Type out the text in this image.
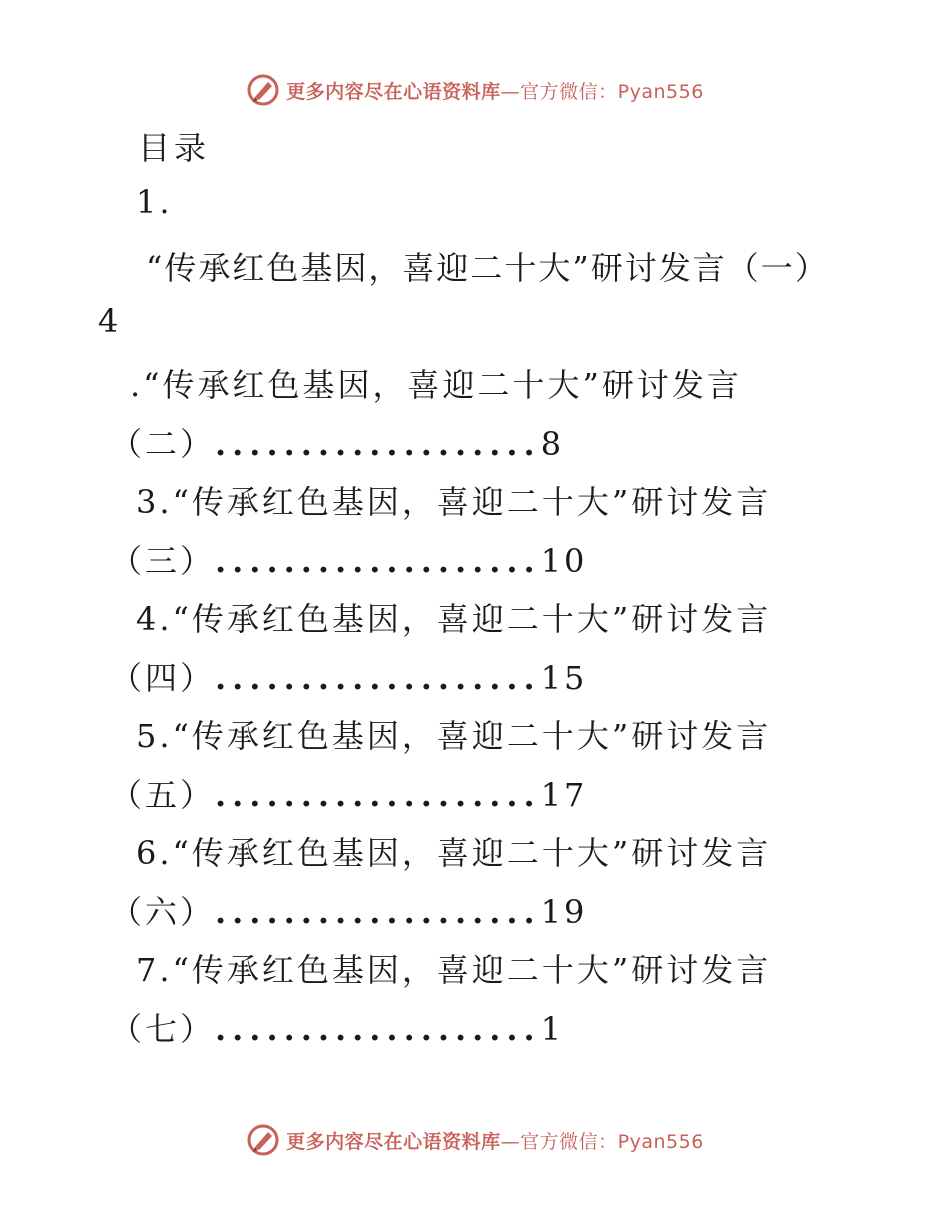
更多内容尽在心语资料库—官方微信：Pyan556
目录
1.
“传承红色基因，喜迎二十大”研讨发言（一）
4
.“传承红色基因，喜迎二十大”研讨发言
（二）...................8
3.“传承红色基因，喜迎二十大”研讨发言
（三）...................10
4.“传承红色基因，喜迎二十大”研讨发言
（四）...................15
5.“传承红色基因，喜迎二十大”研讨发言
（五）...................17
6.“传承红色基因，喜迎二十大”研讨发言
（六）...................19
7.“传承红色基因，喜迎二十大”研讨发言
（七）...................1
更多内容尽在心语资料库—官方微信：Pyan556
